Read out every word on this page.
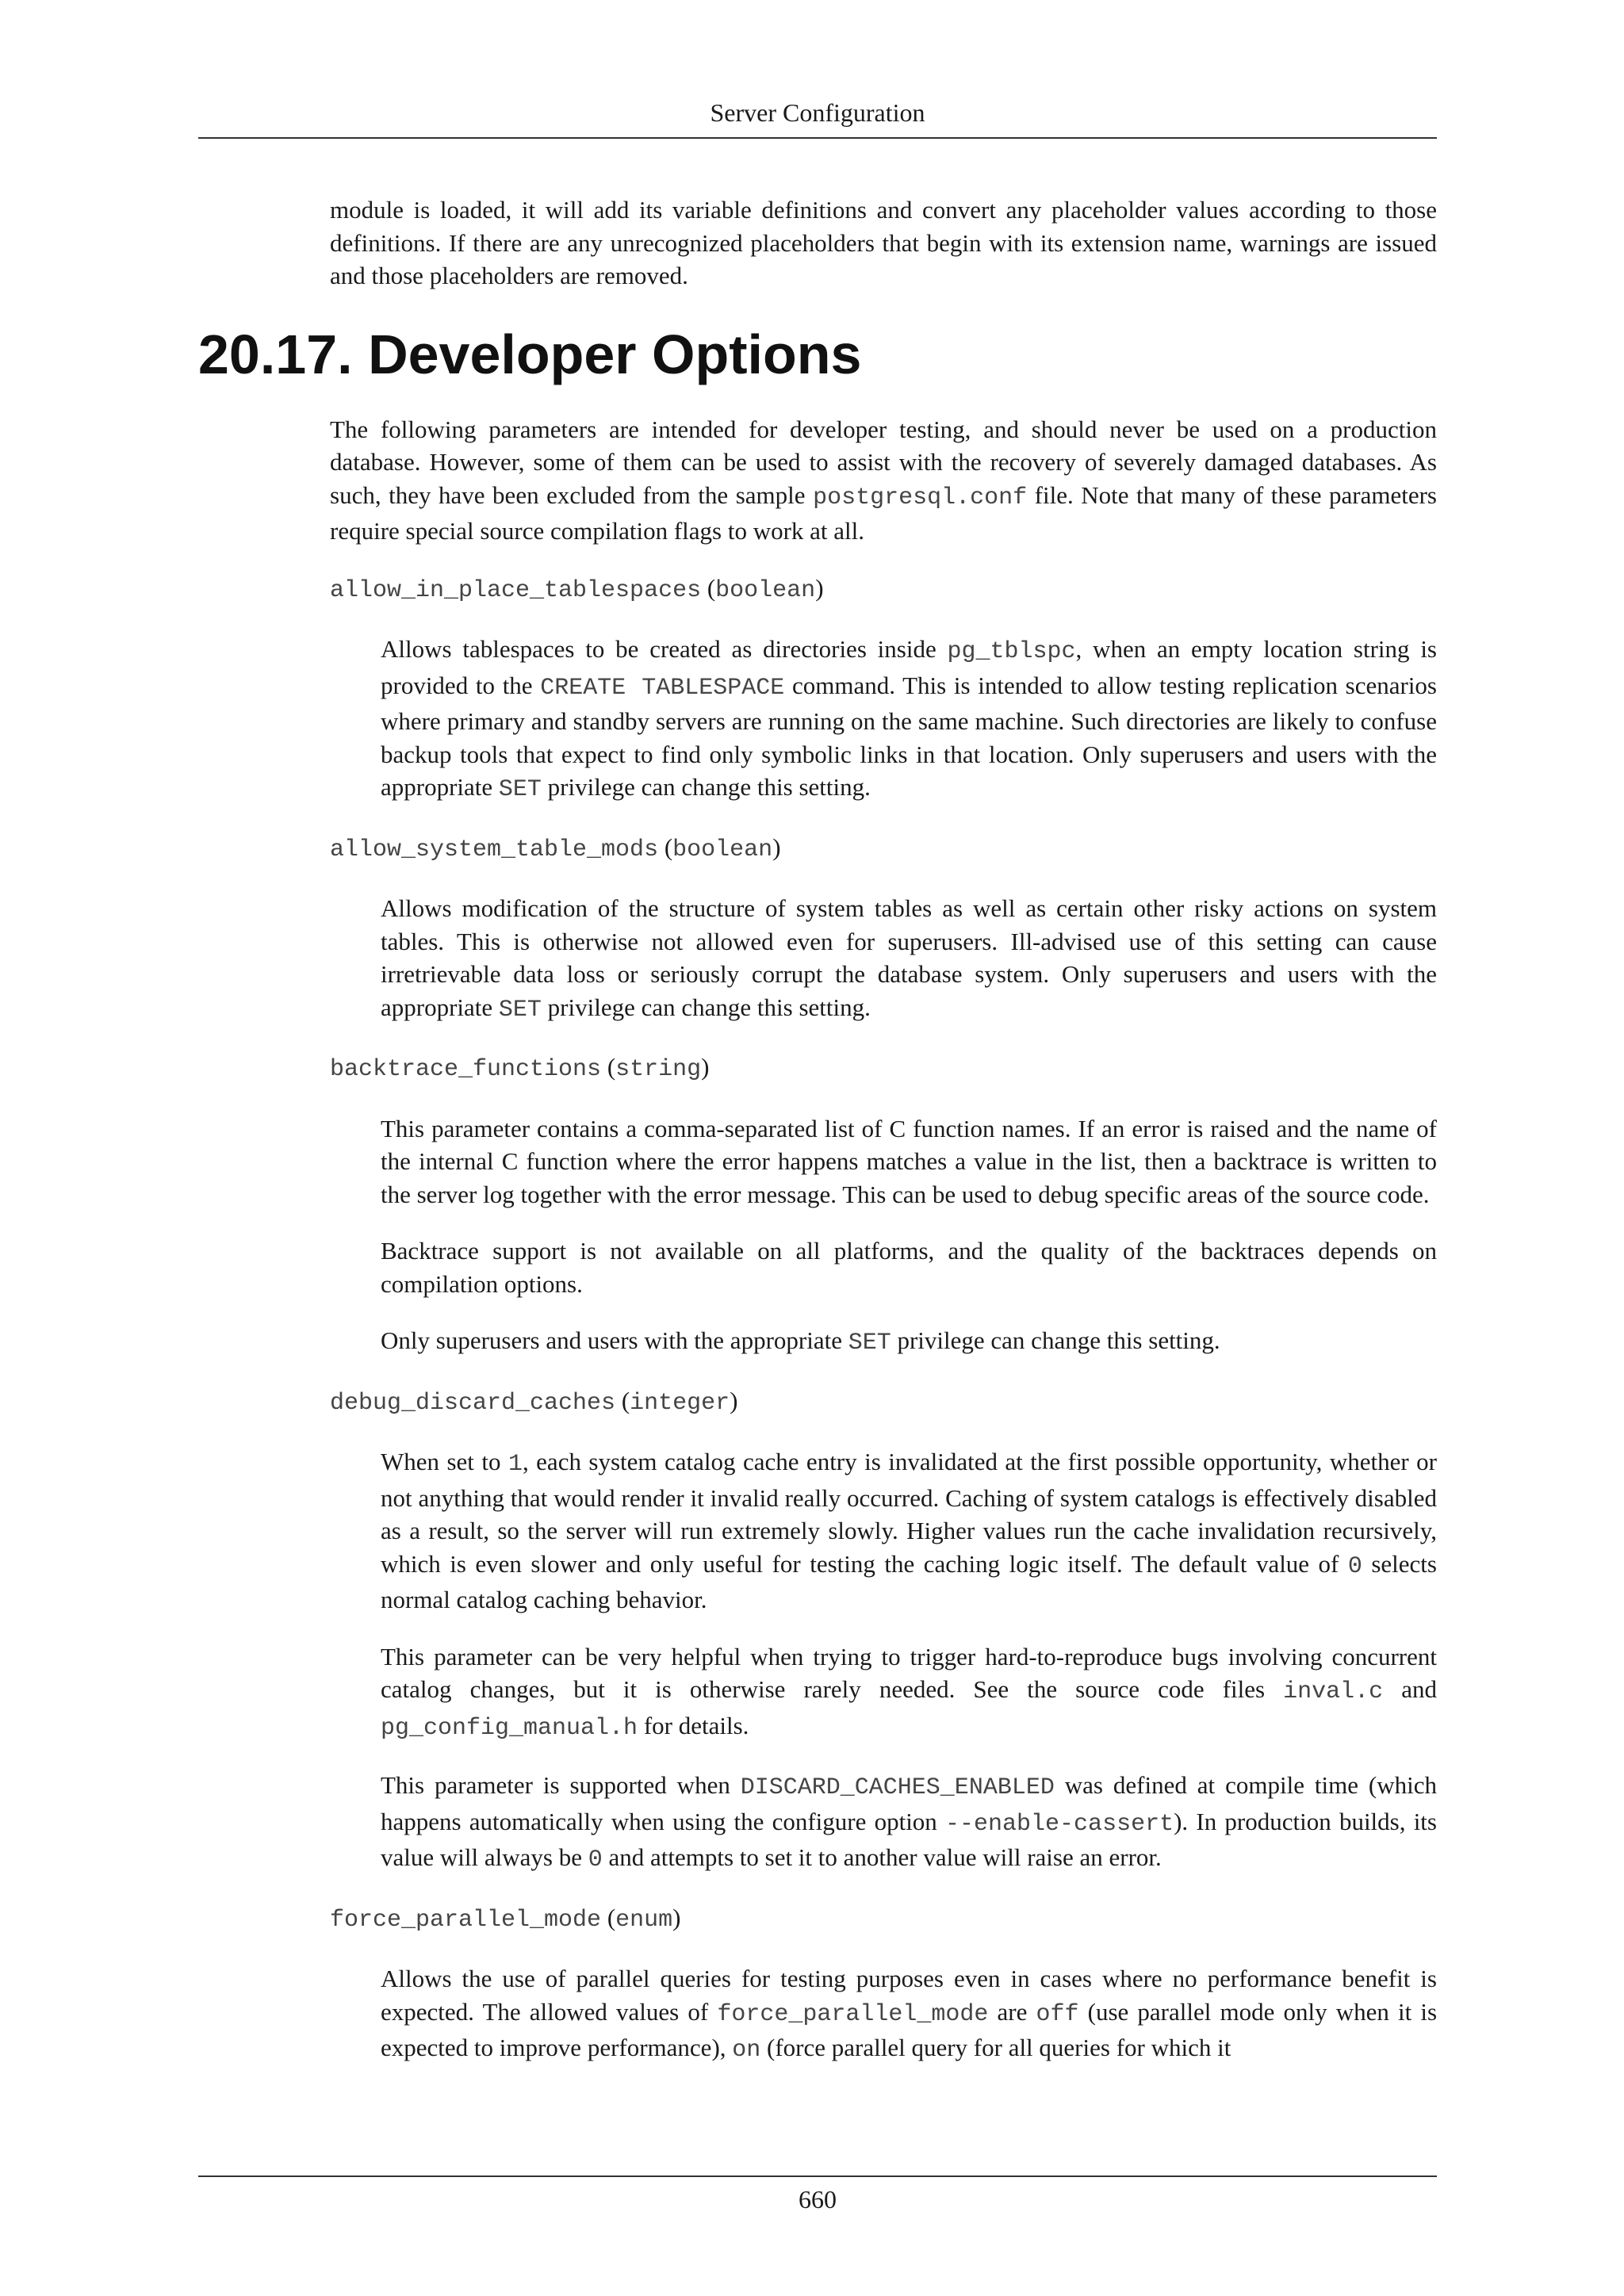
Server Configuration

module is loaded, it will add its variable definitions and convert any placeholder values according to those definitions. If there are any unrecognized placeholders that begin with its extension name, warnings are issued and those placeholders are removed.

20.17. Developer Options

The following parameters are intended for developer testing, and should never be used on a production database. However, some of them can be used to assist with the recovery of severely damaged databases. As such, they have been excluded from the sample postgresql.conf file. Note that many of these parameters require special source compilation flags to work at all.

allow_in_place_tablespaces (boolean)

Allows tablespaces to be created as directories inside pg_tblspc, when an empty location string is provided to the CREATE TABLESPACE command. This is intended to allow testing replication scenarios where primary and standby servers are running on the same machine. Such directories are likely to confuse backup tools that expect to find only symbolic links in that location. Only superusers and users with the appropriate SET privilege can change this setting.

allow_system_table_mods (boolean)

Allows modification of the structure of system tables as well as certain other risky actions on system tables. This is otherwise not allowed even for superusers. Ill-advised use of this setting can cause irretrievable data loss or seriously corrupt the database system. Only superusers and users with the appropriate SET privilege can change this setting.

backtrace_functions (string)

This parameter contains a comma-separated list of C function names. If an error is raised and the name of the internal C function where the error happens matches a value in the list, then a backtrace is written to the server log together with the error message. This can be used to debug specific areas of the source code.

Backtrace support is not available on all platforms, and the quality of the backtraces depends on compilation options.

Only superusers and users with the appropriate SET privilege can change this setting.

debug_discard_caches (integer)

When set to 1, each system catalog cache entry is invalidated at the first possible opportunity, whether or not anything that would render it invalid really occurred. Caching of system catalogs is effectively disabled as a result, so the server will run extremely slowly. Higher values run the cache invalidation recursively, which is even slower and only useful for testing the caching logic itself. The default value of 0 selects normal catalog caching behavior.

This parameter can be very helpful when trying to trigger hard-to-reproduce bugs involving concurrent catalog changes, but it is otherwise rarely needed. See the source code files inval.c and pg_config_manual.h for details.

This parameter is supported when DISCARD_CACHES_ENABLED was defined at compile time (which happens automatically when using the configure option --enable-cassert). In production builds, its value will always be 0 and attempts to set it to another value will raise an error.

force_parallel_mode (enum)

Allows the use of parallel queries for testing purposes even in cases where no performance benefit is expected. The allowed values of force_parallel_mode are off (use parallel mode only when it is expected to improve performance), on (force parallel query for all queries for which it

660
